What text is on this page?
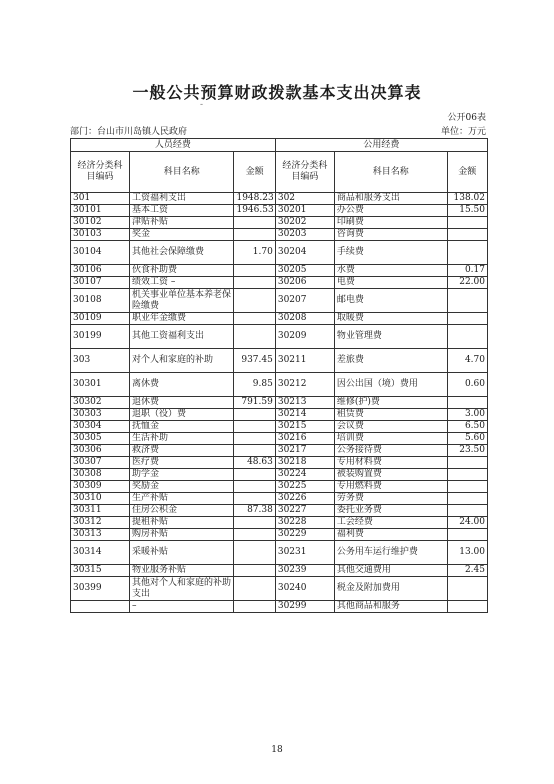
一般公共预算财政拨款基本支出决算表
-
公开06表
部门：台山市川岛镇人民政府	单位：万元
人员经费			公用经费		
经济分类科目编码	科目名称	金额	经济分类科目编码	科目名称	金额
301	工资福利支出	1948.23	302	商品和服务支出	138.02
30101	基本工资	1946.53	30201	办公费	15.50
30102	津贴补贴		30202	印刷费	
30103	奖金		30203	咨询费	
30104	其他社会保障缴费	1.70	30204	手续费	
30106	伙食补助费		30205	水费	0.17
30107	绩效工资 –		30206	电费	22.00
30108	机关事业单位基本养老保险缴费		30207	邮电费	
30109	职业年金缴费		30208	取暖费	
30199	其他工资福利支出		30209	物业管理费	
303	对个人和家庭的补助	937.45	30211	差旅费	4.70
30301	离休费	9.85	30212	因公出国（境）费用	0.60
30302	退休费	791.59	30213	维修(护)费	
30303	退职（役）费		30214	租赁费	3.00
30304	抚恤金		30215	会议费	6.50
30305	生活补助		30216	培训费	5.60
30306	救济费		30217	公务接待费	23.50
30307	医疗费	48.63	30218	专用材料费	
30308	助学金		30224	被装购置费	
30309	奖励金		30225	专用燃料费	
30310	生产补贴		30226	劳务费	
30311	住房公积金	87.38	30227	委托业务费	
30312	提租补贴		30228	工会经费	24.00
30313	购房补贴		30229	福利费	
30314	采暖补贴		30231	公务用车运行维护费	13.00
30315	物业服务补贴		30239	其他交通费用	2.45
30399	其他对个人和家庭的补助支出		30240	税金及附加费用	
	–		30299	其他商品和服务	
18
